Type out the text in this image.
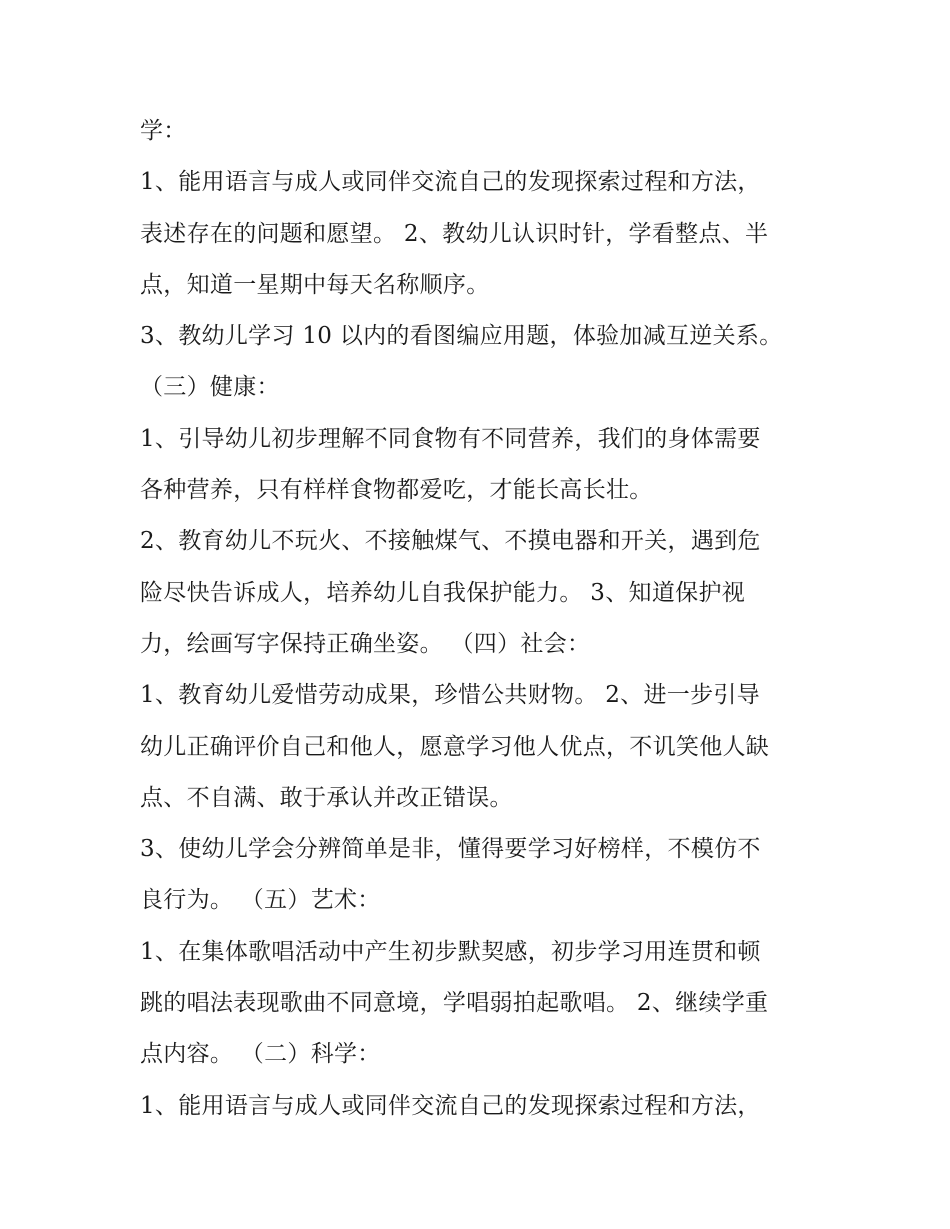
学：
1、能用语言与成人或同伴交流自己的发现探索过程和方法，
表述存在的问题和愿望。 2、教幼儿认识时针，学看整点、半
点，知道一星期中每天名称顺序。
3、教幼儿学习 10 以内的看图编应用题，体验加减互逆关系。
（三）健康：
1、引导幼儿初步理解不同食物有不同营养，我们的身体需要
各种营养，只有样样食物都爱吃，才能长高长壮。
2、教育幼儿不玩火、不接触煤气、不摸电器和开关，遇到危
险尽快告诉成人，培养幼儿自我保护能力。 3、知道保护视
力，绘画写字保持正确坐姿。 （四）社会：
1、教育幼儿爱惜劳动成果，珍惜公共财物。 2、进一步引导
幼儿正确评价自己和他人，愿意学习他人优点，不讥笑他人缺
点、不自满、敢于承认并改正错误。
3、使幼儿学会分辨简单是非，懂得要学习好榜样，不模仿不
良行为。 （五）艺术：
1、在集体歌唱活动中产生初步默契感，初步学习用连贯和顿
跳的唱法表现歌曲不同意境，学唱弱拍起歌唱。 2、继续学重
点内容。 （二）科学：
1、能用语言与成人或同伴交流自己的发现探索过程和方法，
